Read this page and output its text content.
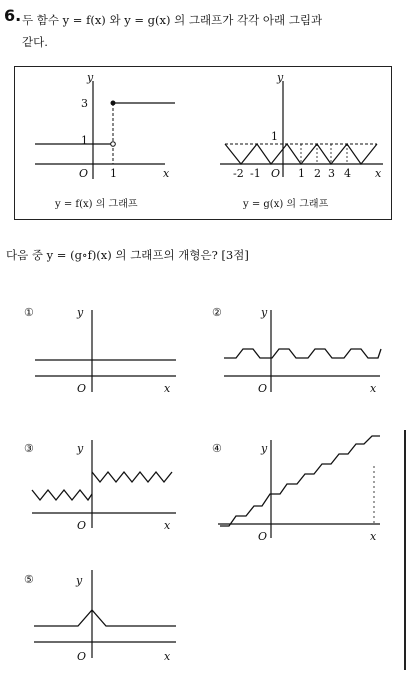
6. 두 함수 y = f(x) 와 y = g(x) 의 그래프가 각각 아래 그림과
같다.
y
x
O
3
1
1
y = f(x) 의 그래프
y
x
O
1
-2 -1	1 2 3 4
y = g(x) 의 그래프
다음 중 y = (g∘f)(x) 의 그래프의 개형은? [3점]
①	y
x
O
②	y
x
O
③	y
x
O
④	y
x
O
⑤	y
x
O
